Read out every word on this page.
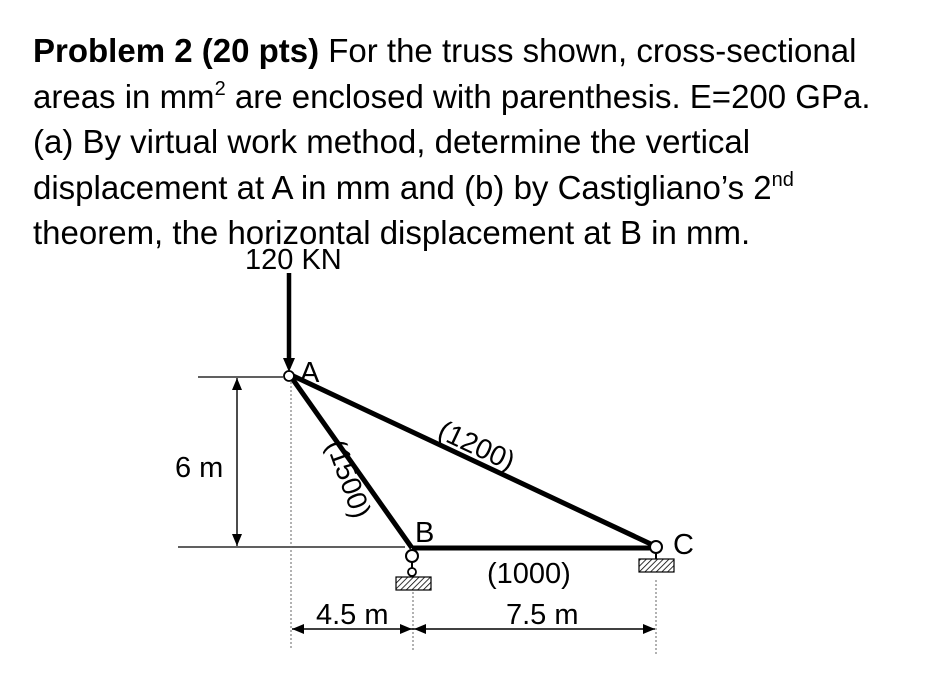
Problem 2 (20 pts) For the truss shown, cross-sectional
areas in $mm^2$ are enclosed with parenthesis. E=200 GPa.
(a) By virtual work method, determine the vertical
displacement at A in mm and (b) by Castigliano’s 2nd
theorem, the horizontal displacement at B in mm.
120 KN
6 m
A
B	C
(1200)
(1500)
(1000)
4.5 m	7.5 m
